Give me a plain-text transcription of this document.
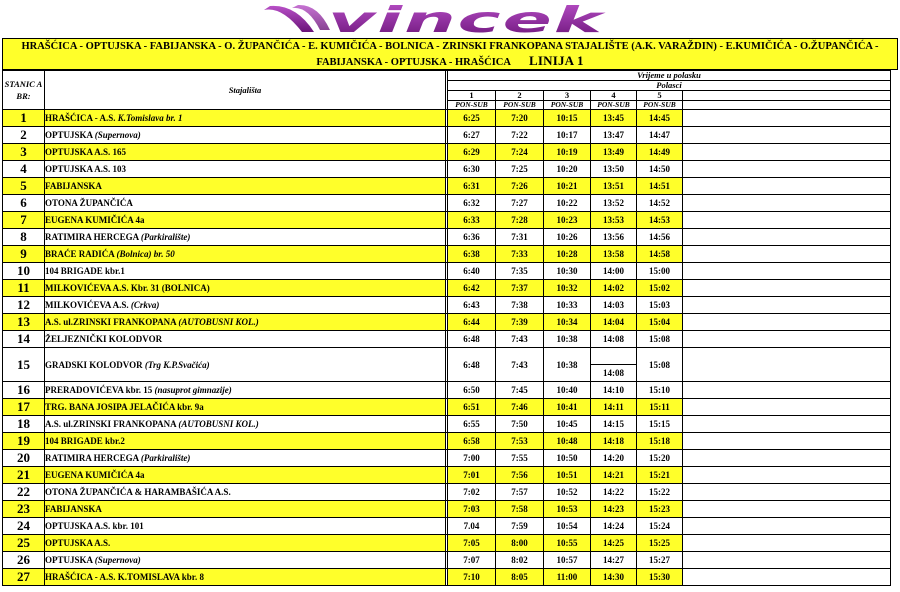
vincek
HRAŠĆICA - OPTUJSKA - FABIJANSKA - O. ŽUPANČIĆA - E. KUMIČIĆA - BOLNICA - ZRINSKI FRANKOPANA STAJALIŠTE (A.K. VARAŽDIN) - E.KUMIČIĆA - O.ŽUPANČIĆA -
FABIJANSKA - OPTUJSKA - HRAŠĆICA LINIJA 1
STANIC A BR:	Stajališta		Vrijeme u polasku					
			Polasci					
			1	2	3	4	5	
			PON-SUB	PON-SUB	PON-SUB	PON-SUB	PON-SUB	
1	HRAŠĆICA - A.S. K.Tomislava br. 1		6:25	7:20	10:15	13:45	14:45	
2	OPTUJSKA (Supernova)		6:27	7:22	10:17	13:47	14:47	
3	OPTUJSKA A.S. 165		6:29	7:24	10:19	13:49	14:49	
4	OPTUJSKA A.S. 103		6:30	7:25	10:20	13:50	14:50	
5	FABIJANSKA		6:31	7:26	10:21	13:51	14:51	
6	OTONA ŽUPANČIĆA		6:32	7:27	10:22	13:52	14:52	
7	EUGENA KUMIČIĆA 4a		6:33	7:28	10:23	13:53	14:53	
8	RATIMIRA HERCEGA (Parkiralište)		6:36	7:31	10:26	13:56	14:56	
9	BRAĆE RADIĆA (Bolnica) br. 50		6:38	7:33	10:28	13:58	14:58	
10	104 BRIGADE kbr.1		6:40	7:35	10:30	14:00	15:00	
11	MILKOVIĆEVA A.S. Kbr. 31 (BOLNICA)		6:42	7:37	10:32	14:02	15:02	
12	MILKOVIĆEVA A.S. (Crkva)		6:43	7:38	10:33	14:03	15:03	
13	A.S. ul.ZRINSKI FRANKOPANA (AUTOBUSNI KOL.)		6:44	7:39	10:34	14:04	15:04	
14	ŽELJEZNIČKI KOLODVOR		6:48	7:43	10:38	14:08	15:08	
15	GRADSKI KOLODVOR (Trg K.P.Svačića)		6:48	7:43	10:38	14:08	15:08	
16	PRERADOVIĆEVA kbr. 15 (nasuprot gimnazije)		6:50	7:45	10:40	14:10	15:10	
17	TRG. BANA JOSIPA JELAČIĆA kbr. 9a		6:51	7:46	10:41	14:11	15:11	
18	A.S. ul.ZRINSKI FRANKOPANA (AUTOBUSNI KOL.)		6:55	7:50	10:45	14:15	15:15	
19	104 BRIGADE kbr.2		6:58	7:53	10:48	14:18	15:18	
20	RATIMIRA HERCEGA (Parkiralište)		7:00	7:55	10:50	14:20	15:20	
21	EUGENA KUMIČIĆA 4a		7:01	7:56	10:51	14:21	15:21	
22	OTONA ŽUPANČIĆA & HARAMBAŠIĆA A.S.		7:02	7:57	10:52	14:22	15:22	
23	FABIJANSKA		7:03	7:58	10:53	14:23	15:23	
24	OPTUJSKA A.S. kbr. 101		7.04	7:59	10:54	14:24	15:24	
25	OPTUJSKA A.S.		7:05	8:00	10:55	14:25	15:25	
26	OPTUJSKA (Supernova)		7:07	8:02	10:57	14:27	15:27	
27	HRAŠĆICA - A.S. K.TOMISLAVA kbr. 8		7:10	8:05	11:00	14:30	15:30	
